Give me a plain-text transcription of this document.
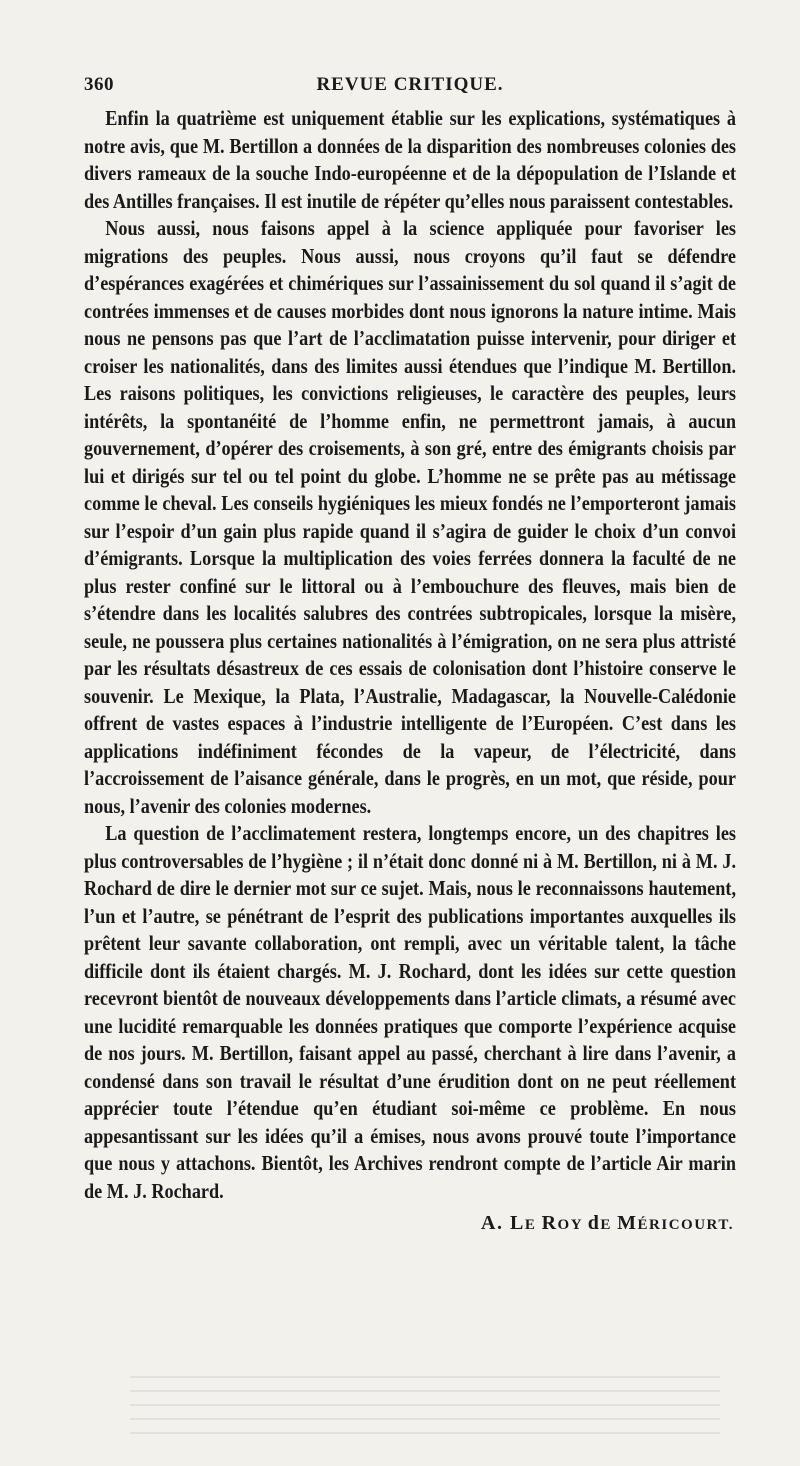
360	REVUE CRITIQUE.

Enfin la quatrième est uniquement établie sur les explications, systématiques à notre avis, que M. Bertillon a données de la disparition des nombreuses colonies des divers rameaux de la souche Indo-européenne et de la dépopulation de l’Islande et des Antilles françaises. Il est inutile de répéter qu’elles nous paraissent contestables.

Nous aussi, nous faisons appel à la science appliquée pour favoriser les migrations des peuples. Nous aussi, nous croyons qu’il faut se défendre d’espérances exagérées et chimériques sur l’assainissement du sol quand il s’agit de contrées immenses et de causes morbides dont nous ignorons la nature intime. Mais nous ne pensons pas que l’art de l’acclimatation puisse intervenir, pour diriger et croiser les nationalités, dans des limites aussi étendues que l’indique M. Bertillon. Les raisons politiques, les convictions religieuses, le caractère des peuples, leurs intérêts, la spontanéité de l’homme enfin, ne permettront jamais, à aucun gouvernement, d’opérer des croisements, à son gré, entre des émigrants choisis par lui et dirigés sur tel ou tel point du globe. L’homme ne se prête pas au métissage comme le cheval. Les conseils hygiéniques les mieux fondés ne l’emporteront jamais sur l’espoir d’un gain plus rapide quand il s’agira de guider le choix d’un convoi d’émigrants. Lorsque la multiplication des voies ferrées donnera la faculté de ne plus rester confiné sur le littoral ou à l’embouchure des fleuves, mais bien de s’étendre dans les localités salubres des contrées subtropicales, lorsque la misère, seule, ne poussera plus certaines nationalités à l’émigration, on ne sera plus attristé par les résultats désastreux de ces essais de colonisation dont l’histoire conserve le souvenir. Le Mexique, la Plata, l’Australie, Madagascar, la Nouvelle-Calédonie offrent de vastes espaces à l’industrie intelligente de l’Européen. C’est dans les applications indéfiniment fécondes de la vapeur, de l’électricité, dans l’accroissement de l’aisance générale, dans le progrès, en un mot, que réside, pour nous, l’avenir des colonies modernes.

La question de l’acclimatement restera, longtemps encore, un des chapitres les plus controversables de l’hygiène ; il n’était donc donné ni à M. Bertillon, ni à M. J. Rochard de dire le dernier mot sur ce sujet. Mais, nous le reconnaissons hautement, l’un et l’autre, se pénétrant de l’esprit des publications importantes auxquelles ils prêtent leur savante collaboration, ont rempli, avec un véritable talent, la tâche difficile dont ils étaient chargés. M. J. Rochard, dont les idées sur cette question recevront bientôt de nouveaux développements dans l’article climats, a résumé avec une lucidité remarquable les données pratiques que comporte l’expérience acquise de nos jours. M. Bertillon, faisant appel au passé, cherchant à lire dans l’avenir, a condensé dans son travail le résultat d’une érudition dont on ne peut réellement apprécier toute l’étendue qu’en étudiant soi-même ce problème. En nous appesantissant sur les idées qu’il a émises, nous avons prouvé toute l’importance que nous y attachons. Bientôt, les Archives rendront compte de l’article Air marin de M. J. Rochard.

A. LE ROY dE MÉRICOURT.
